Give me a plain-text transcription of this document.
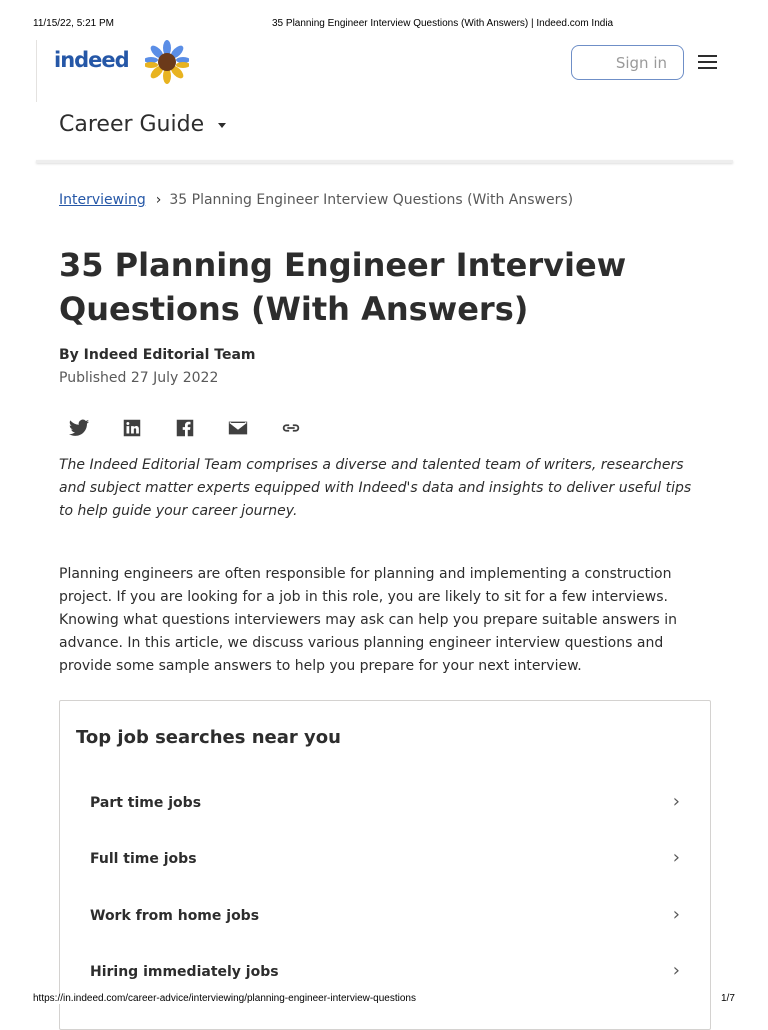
11/15/22, 5:21 PM	35 Planning Engineer Interview Questions (With Answers) | Indeed.com India
indeed	Sign in
Career Guide
Interviewing › 35 Planning Engineer Interview Questions (With Answers)
35 Planning Engineer Interview Questions (With Answers)
By Indeed Editorial Team
Published 27 July 2022
The Indeed Editorial Team comprises a diverse and talented team of writers, researchers and subject matter experts equipped with Indeed's data and insights to deliver useful tips to help guide your career journey.
Planning engineers are often responsible for planning and implementing a construction project. If you are looking for a job in this role, you are likely to sit for a few interviews. Knowing what questions interviewers may ask can help you prepare suitable answers in advance. In this article, we discuss various planning engineer interview questions and provide some sample answers to help you prepare for your next interview.
Top job searches near you
Part time jobs	›
Full time jobs	›
Work from home jobs	›
Hiring immediately jobs	›
https://in.indeed.com/career-advice/interviewing/planning-engineer-interview-questions	1/7
